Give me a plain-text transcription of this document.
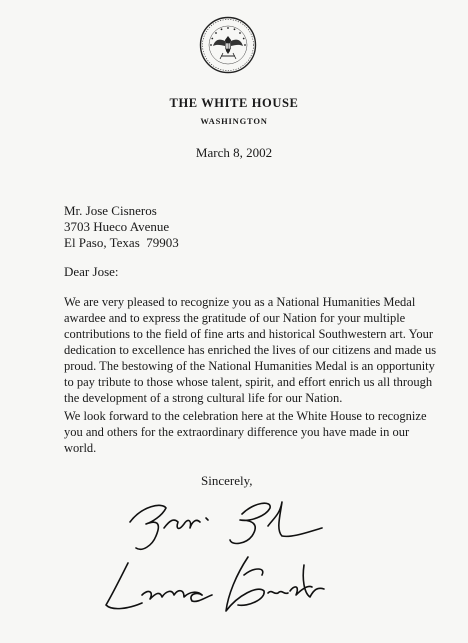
THE WHITE HOUSE
WASHINGTON
March 8, 2002
Mr. Jose Cisneros
3703 Hueco Avenue
El Paso, Texas  79903
Dear Jose:
We are very pleased to recognize you as a National Humanities Medal
awardee and to express the gratitude of our Nation for your multiple
contributions to the field of fine arts and historical Southwestern art. Your
dedication to excellence has enriched the lives of our citizens and made us
proud. The bestowing of the National Humanities Medal is an opportunity
to pay tribute to those whose talent, spirit, and effort enrich us all through
the development of a strong cultural life for our Nation.
We look forward to the celebration here at the White House to recognize
you and others for the extraordinary difference you have made in our
world.
Sincerely,
